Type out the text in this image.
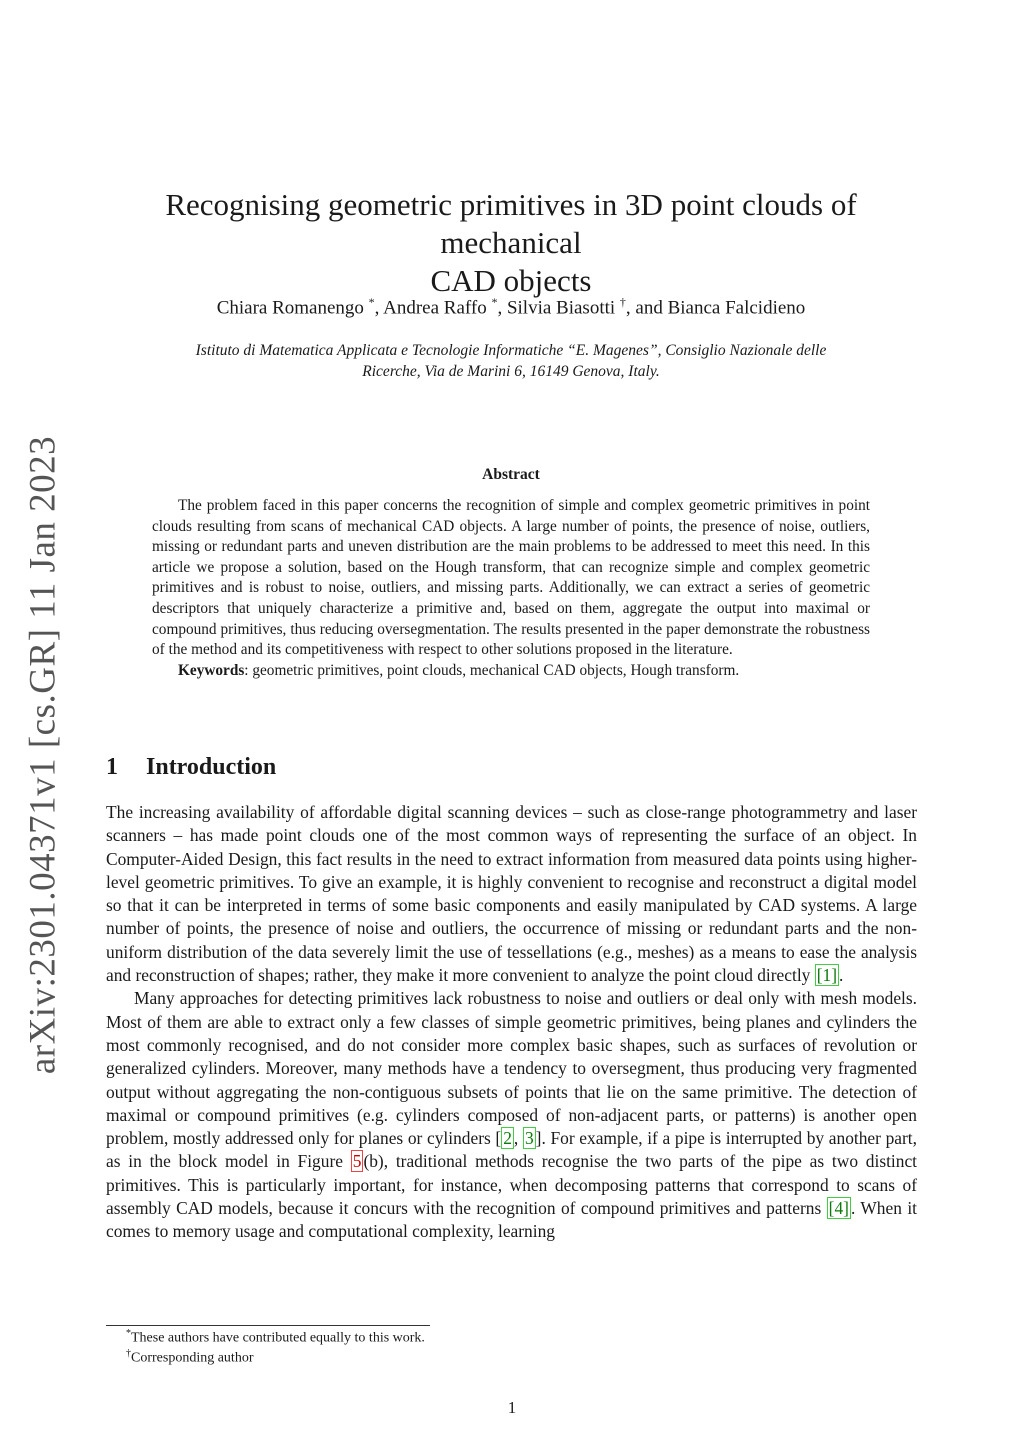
arXiv:2301.04371v1 [cs.GR] 11 Jan 2023
Recognising geometric primitives in 3D point clouds of mechanical
CAD objects
Chiara Romanengo *, Andrea Raffo *, Silvia Biasotti †, and Bianca Falcidieno
Istituto di Matematica Applicata e Tecnologie Informatiche “E. Magenes”, Consiglio Nazionale delle
Ricerche, Via de Marini 6, 16149 Genova, Italy.
Abstract

The problem faced in this paper concerns the recognition of simple and complex geometric primitives in point clouds resulting from scans of mechanical CAD objects. A large number of points, the presence of noise, outliers, missing or redundant parts and uneven distribution are the main problems to be addressed to meet this need. In this article we propose a solution, based on the Hough transform, that can recognize simple and complex geometric primitives and is robust to noise, outliers, and missing parts. Additionally, we can extract a series of geometric descriptors that uniquely characterize a primitive and, based on them, aggregate the output into maximal or compound primitives, thus reducing oversegmentation. The results presented in the paper demonstrate the robustness of the method and its competitiveness with respect to other solutions proposed in the literature.

Keywords: geometric primitives, point clouds, mechanical CAD objects, Hough transform.

1 Introduction

The increasing availability of affordable digital scanning devices – such as close-range photogrammetry and laser scanners – has made point clouds one of the most common ways of representing the surface of an object. In Computer-Aided Design, this fact results in the need to extract information from measured data points using higher-level geometric primitives. To give an example, it is highly convenient to recognise and reconstruct a digital model so that it can be interpreted in terms of some basic components and easily manipulated by CAD systems. A large number of points, the presence of noise and outliers, the occurrence of missing or redundant parts and the non-uniform distribution of the data severely limit the use of tessellations (e.g., meshes) as a means to ease the analysis and reconstruction of shapes; rather, they make it more convenient to analyze the point cloud directly [1] .

Many approaches for detecting primitives lack robustness to noise and outliers or deal only with mesh models. Most of them are able to extract only a few classes of simple geometric primitives, being planes and cylinders the most commonly recognised, and do not consider more complex basic shapes, such as surfaces of revolution or generalized cylinders. Moreover, many methods have a tendency to oversegment, thus producing very fragmented output without aggregating the non-contiguous subsets of points that lie on the same primitive. The detection of maximal or compound primitives (e.g. cylinders composed of non-adjacent parts, or patterns) is another open problem, mostly addressed only for planes or cylinders [ 2 , 3 ]. For example, if a pipe is interrupted by another part, as in the block model in Figure 5 (b), traditional methods recognise the two parts of the pipe as two distinct primitives. This is particularly important, for instance, when decomposing patterns that correspond to scans of assembly CAD models, because it concurs with the recognition of compound primitives and patterns [4] . When it comes to memory usage and computational complexity, learning

*These authors have contributed equally to this work.
†Corresponding author
1
